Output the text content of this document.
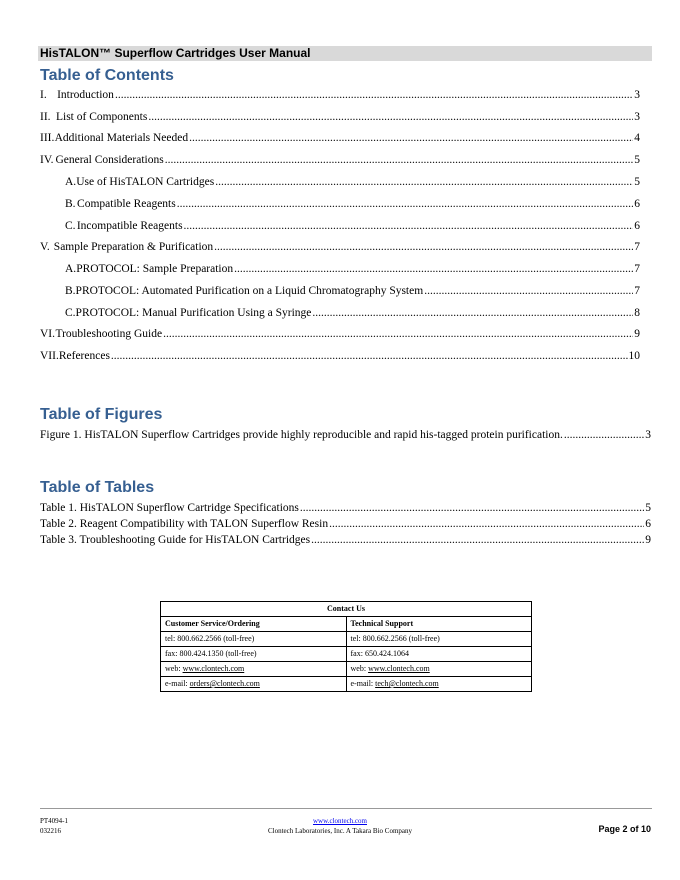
HisTALON™ Superflow Cartridges User Manual
Table of Contents
I. Introduction .....	3
II. List of Components .....	3
III. Additional Materials Needed .....	4
IV. General Considerations .....	5
A. Use of HisTALON Cartridges .....	5
B. Compatible Reagents .....	6
C. Incompatible Reagents .....	6
V. Sample Preparation & Purification .....	7
A. PROTOCOL: Sample Preparation .....	7
B. PROTOCOL: Automated Purification on a Liquid Chromatography System .....	7
C. PROTOCOL: Manual Purification Using a Syringe .....	8
VI. Troubleshooting Guide .....	9
VII. References .....	10
Table of Figures
Figure 1. HisTALON Superflow Cartridges provide highly reproducible and rapid his-tagged protein purification. .....	3
Table of Tables
Table 1. HisTALON Superflow Cartridge Specifications .....	5
Table 2. Reagent Compatibility with TALON Superflow Resin .....	6
Table 3. Troubleshooting Guide for HisTALON Cartridges .....	9
Contact Us	
Customer Service/Ordering	Technical Support
tel: 800.662.2566 (toll-free)	tel: 800.662.2566 (toll-free)
fax: 800.424.1350 (toll-free)	fax: 650.424.1064
web: www.clontech.com	web: www.clontech.com
e-mail: orders@clontech.com	e-mail: tech@clontech.com
PT4094-1
032216
www.clontech.com
Clontech Laboratories, Inc. A Takara Bio Company	Page 2 of 10
